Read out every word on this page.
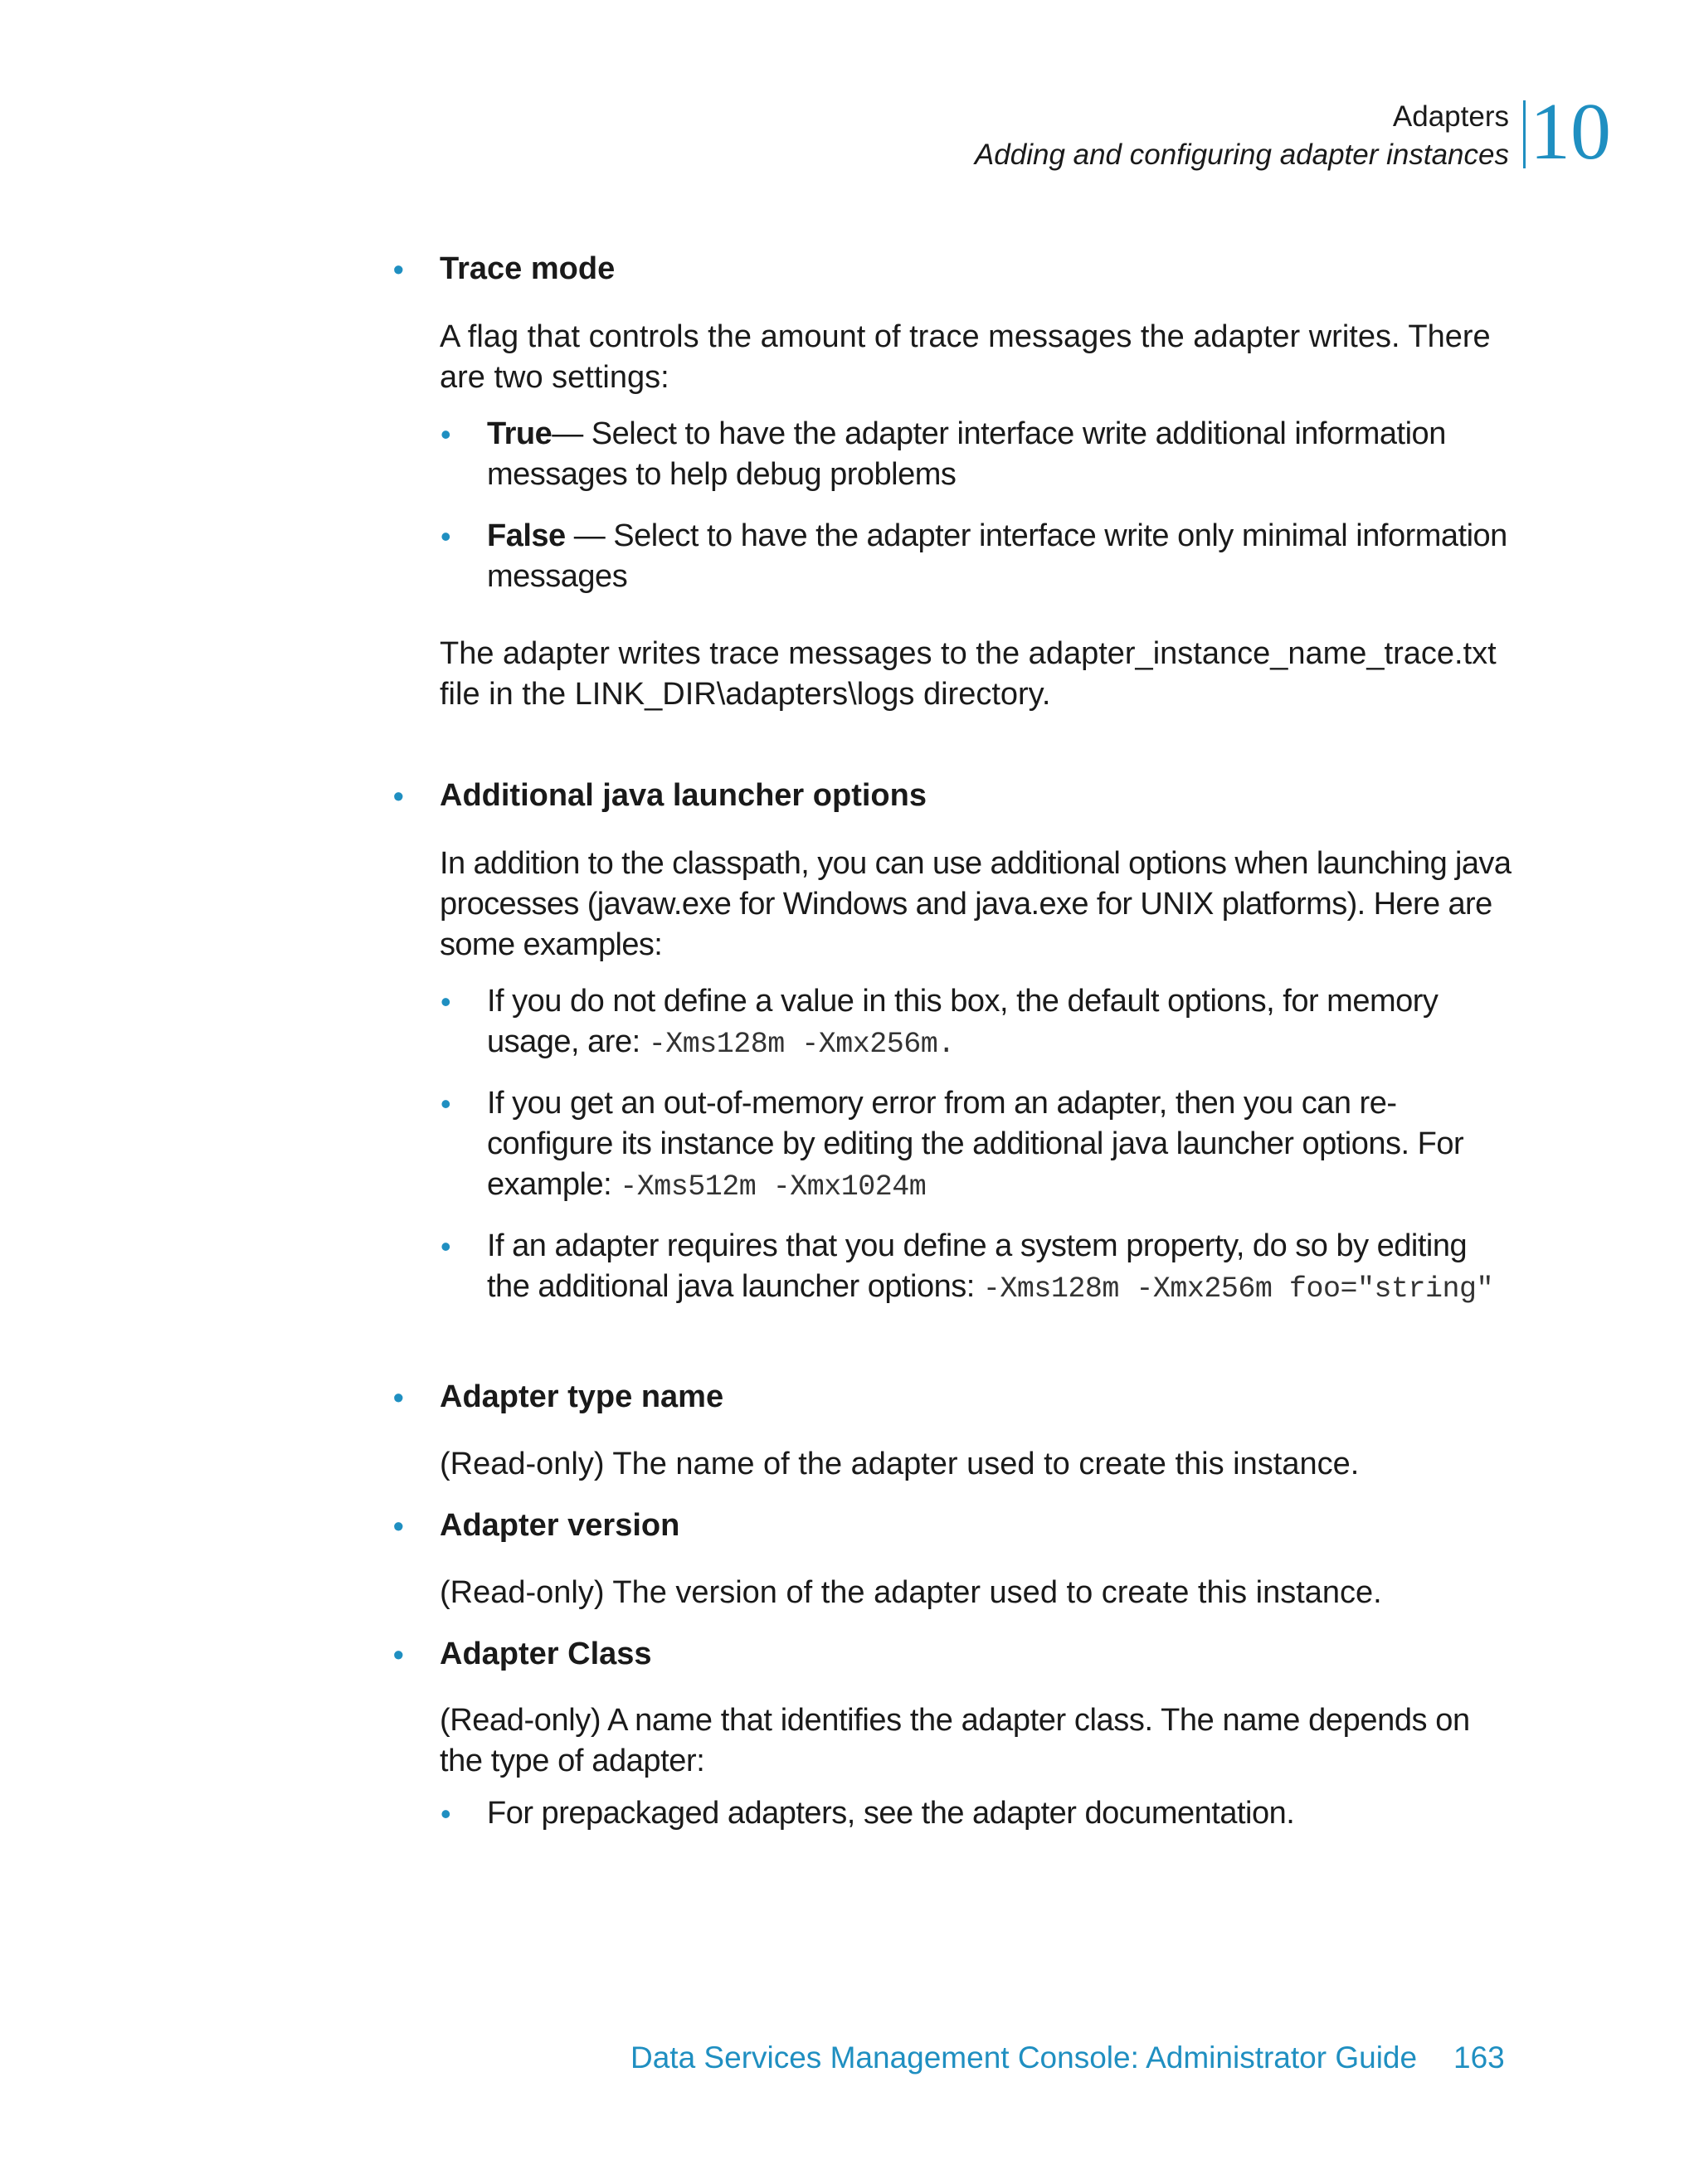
Adapters
Adding and configuring adapter instances 10
• Trace mode
A flag that controls the amount of trace messages the adapter writes. There are two settings:
• True— Select to have the adapter interface write additional information messages to help debug problems
• False — Select to have the adapter interface write only minimal information messages
The adapter writes trace messages to the adapter_instance_name_trace.txt file in the LINK_DIR\adapters\logs directory.
• Additional java launcher options
In addition to the classpath, you can use additional options when launching java processes (javaw.exe for Windows and java.exe for UNIX platforms). Here are some examples:
• If you do not define a value in this box, the default options, for memory usage, are: -Xms128m -Xmx256m.
• If you get an out-of-memory error from an adapter, then you can re-configure its instance by editing the additional java launcher options. For example: -Xms512m -Xmx1024m
• If an adapter requires that you define a system property, do so by editing the additional java launcher options: -Xms128m -Xmx256m foo="string"
• Adapter type name
(Read-only) The name of the adapter used to create this instance.
• Adapter version
(Read-only) The version of the adapter used to create this instance.
• Adapter Class
(Read-only) A name that identifies the adapter class. The name depends on the type of adapter:
• For prepackaged adapters, see the adapter documentation.
Data Services Management Console: Administrator Guide 163
